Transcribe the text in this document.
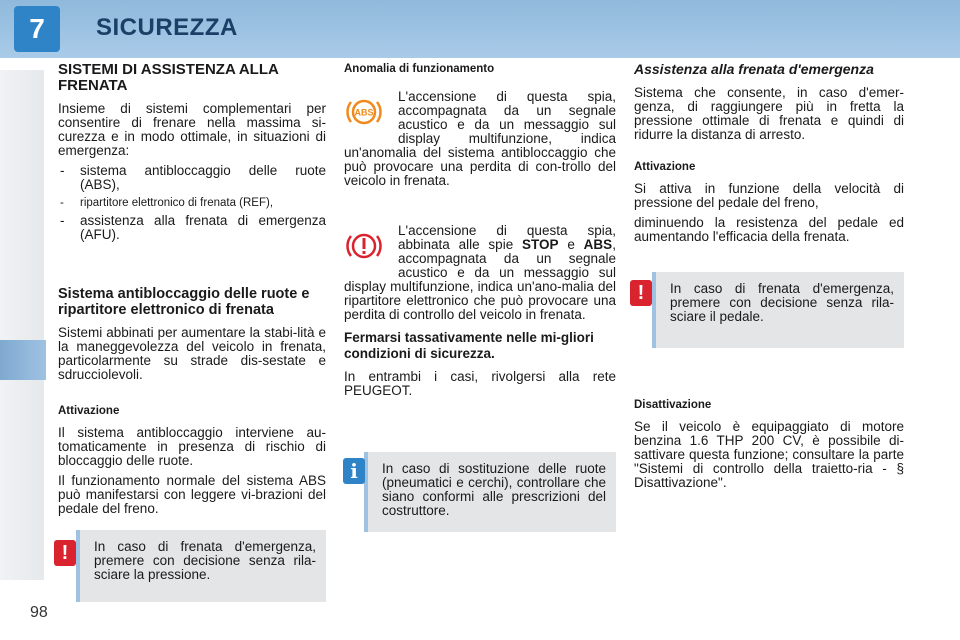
7	SICUREZZA
98

SISTEMI DI ASSISTENZA ALLA FRENATA

Insieme di sistemi complementari per consentire di frenare nella massima si-curezza e in modo ottimale, in situazioni di emergenza:

- sistema antibloccaggio delle ruote (ABS),
- ripartitore elettronico di frenata (REF),
- assistenza alla frenata di emergenza (AFU).

Sistema antibloccaggio delle ruote e ripartitore elettronico di frenata

Sistemi abbinati per aumentare la stabi-lità e la maneggevolezza del veicolo in frenata, particolarmente su strade dis-sestate e sdrucciolevoli.

Attivazione

Il sistema antibloccaggio interviene au-tomaticamente in presenza di rischio di bloccaggio delle ruote.

Il funzionamento normale del sistema ABS può manifestarsi con leggere vi-brazioni del pedale del freno.

In caso di frenata d'emergenza, premere con decisione senza rila-sciare la pressione.
!

Anomalia di funzionamento

ABS

L'accensione di questa spia, accompagnata da un segnale acustico e da un messaggio sul display multifunzione, indica un'anomalia del sistema antibloccaggio che può provocare una perdita di con-trollo del veicolo in frenata.

L'accensione di questa spia, abbinata alle spie STOP e ABS, accompagnata da un segnale acustico e da un messaggio sul display multifunzione, indica un'ano-malia del ripartitore elettronico che può provocare una perdita di controllo del veicolo in frenata.

Fermarsi tassativamente nelle mi-gliori condizioni di sicurezza.

In entrambi i casi, rivolgersi alla rete PEUGEOT.

In caso di sostituzione delle ruote (pneumatici e cerchi), controllare che siano conformi alle prescrizioni del costruttore.
i

Assistenza alla frenata d'emergenza

Sistema che consente, in caso d'emer-genza, di raggiungere più in fretta la pressione ottimale di frenata e quindi di ridurre la distanza di arresto.

Attivazione

Si attiva in funzione della velocità di pressione del pedale del freno,

diminuendo la resistenza del pedale ed aumentando l'efficacia della frenata.

In caso di frenata d'emergenza, premere con decisione senza rila-sciare il pedale.
!

Disattivazione

Se il veicolo è equipaggiato di motore benzina 1.6 THP 200 CV, è possibile di-sattivare questa funzione; consultare la parte "Sistemi di controllo della traietto-ria - § Disattivazione".
